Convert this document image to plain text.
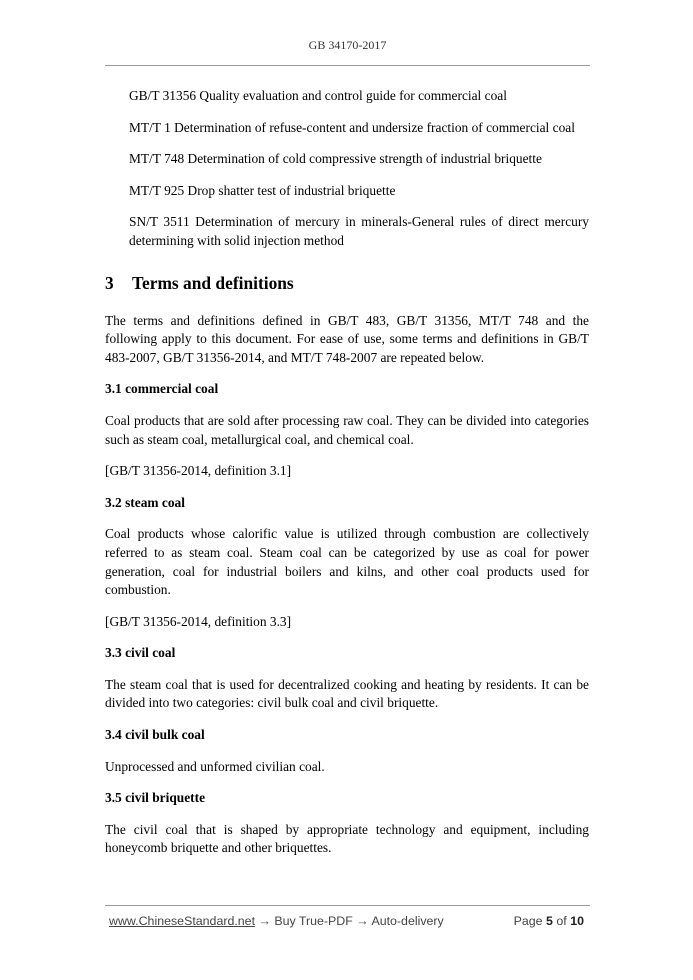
GB 34170-2017

GB/T 31356 Quality evaluation and control guide for commercial coal

MT/T 1 Determination of refuse-content and undersize fraction of commercial coal

MT/T 748 Determination of cold compressive strength of industrial briquette

MT/T 925 Drop shatter test of industrial briquette

SN/T 3511 Determination of mercury in minerals-General rules of direct mercury determining with solid injection method

3 Terms and definitions

The terms and definitions defined in GB/T 483, GB/T 31356, MT/T 748 and the following apply to this document. For ease of use, some terms and definitions in GB/T 483-2007, GB/T 31356-2014, and MT/T 748-2007 are repeated below.

3.1 commercial coal

Coal products that are sold after processing raw coal. They can be divided into categories such as steam coal, metallurgical coal, and chemical coal.

[GB/T 31356-2014, definition 3.1]

3.2 steam coal

Coal products whose calorific value is utilized through combustion are collectively referred to as steam coal. Steam coal can be categorized by use as coal for power generation, coal for industrial boilers and kilns, and other coal products used for combustion.

[GB/T 31356-2014, definition 3.3]

3.3 civil coal

The steam coal that is used for decentralized cooking and heating by residents. It can be divided into two categories: civil bulk coal and civil briquette.

3.4 civil bulk coal

Unprocessed and unformed civilian coal.

3.5 civil briquette

The civil coal that is shaped by appropriate technology and equipment, including honeycomb briquette and other briquettes.

www.ChineseStandard.net → Buy True-PDF → Auto-delivery	Page 5 of 10
